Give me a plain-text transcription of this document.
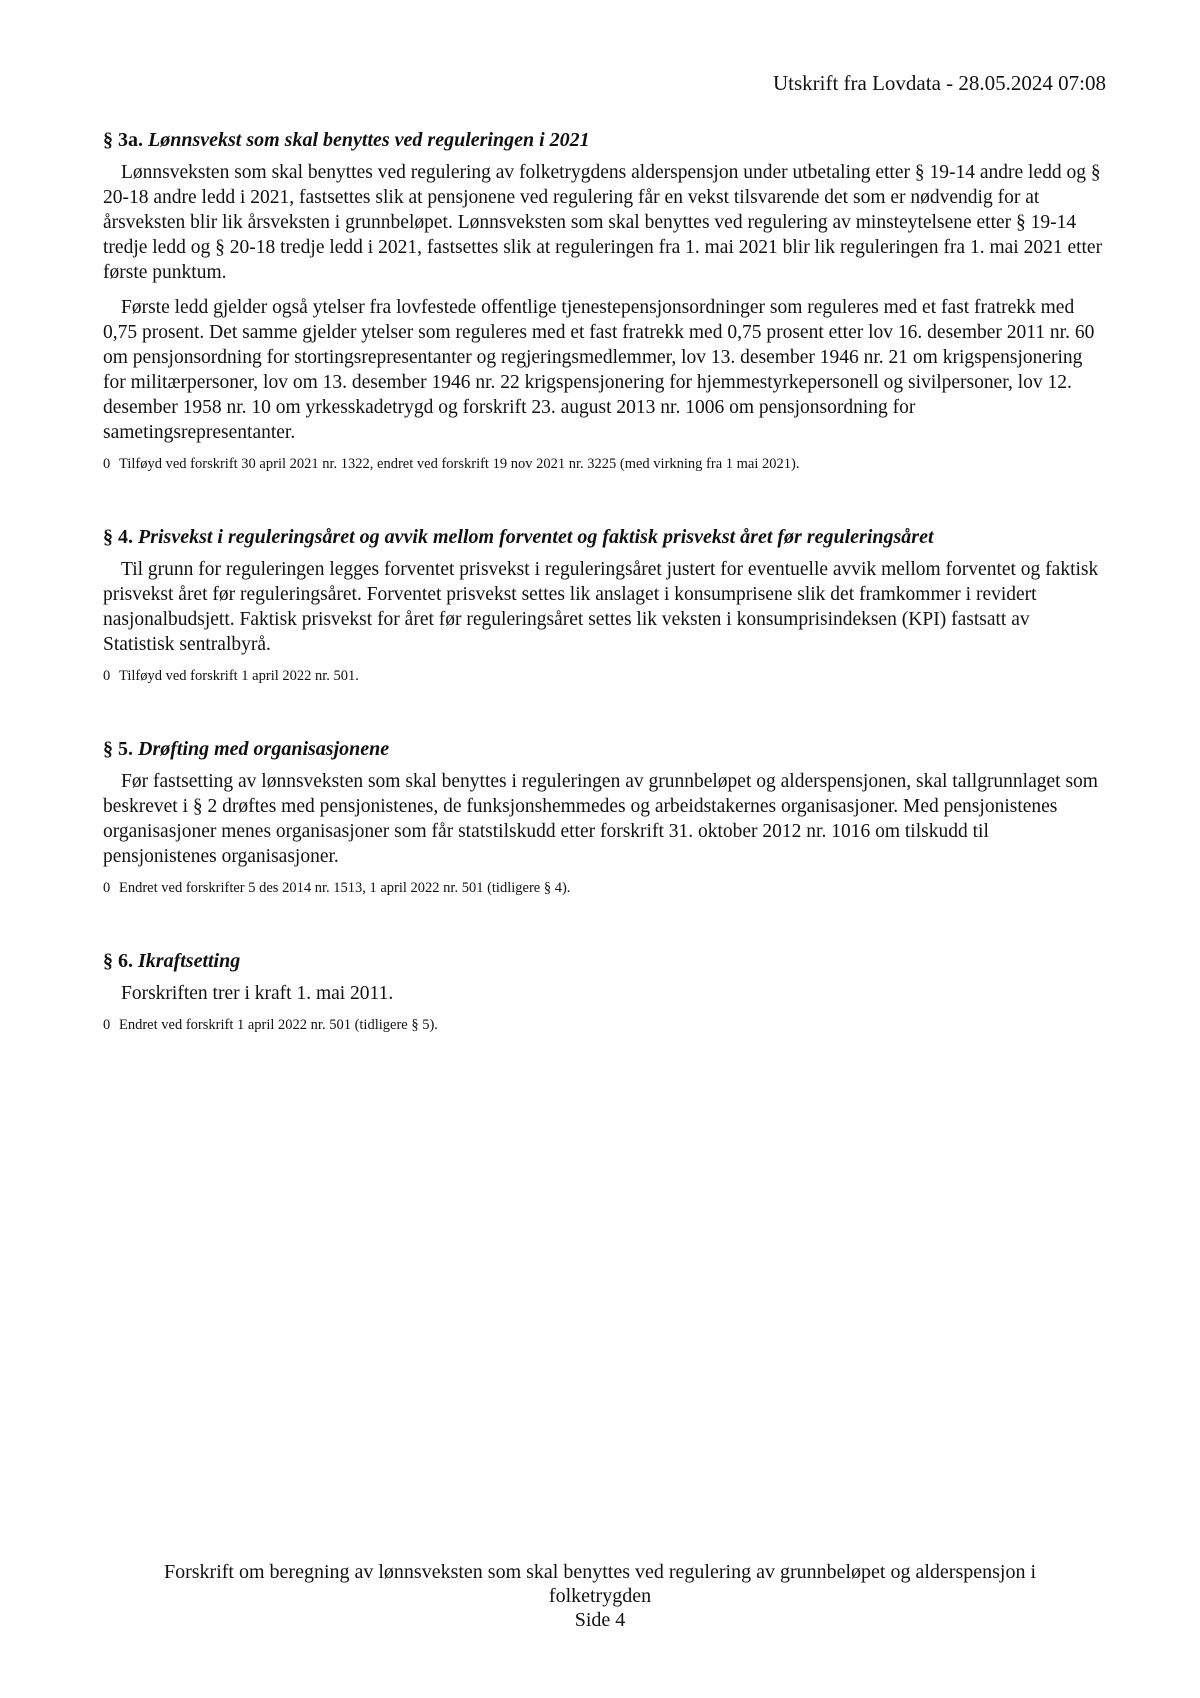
Utskrift fra Lovdata - 28.05.2024 07:08
§ 3a. Lønnsvekst som skal benyttes ved reguleringen i 2021

Lønnsveksten som skal benyttes ved regulering av folketrygdens alderspensjon under utbetaling etter § 19-14 andre ledd og § 20-18 andre ledd i 2021, fastsettes slik at pensjonene ved regulering får en vekst tilsvarende det som er nødvendig for at årsveksten blir lik årsveksten i grunnbeløpet. Lønnsveksten som skal benyttes ved regulering av minsteytelsene etter § 19-14 tredje ledd og § 20-18 tredje ledd i 2021, fastsettes slik at reguleringen fra 1. mai 2021 blir lik reguleringen fra 1. mai 2021 etter første punktum.

Første ledd gjelder også ytelser fra lovfestede offentlige tjenestepensjonsordninger som reguleres med et fast fratrekk med 0,75 prosent. Det samme gjelder ytelser som reguleres med et fast fratrekk med 0,75 prosent etter lov 16. desember 2011 nr. 60 om pensjonsordning for stortingsrepresentanter og regjeringsmedlemmer, lov 13. desember 1946 nr. 21 om krigspensjonering for militærpersoner, lov om 13. desember 1946 nr. 22 krigspensjonering for hjemmestyrkepersonell og sivilpersoner, lov 12. desember 1958 nr. 10 om yrkesskadetrygd og forskrift 23. august 2013 nr. 1006 om pensjonsordning for sametingsrepresentanter.

0 Tilføyd ved forskrift 30 april 2021 nr. 1322, endret ved forskrift 19 nov 2021 nr. 3225 (med virkning fra 1 mai 2021).
§ 4. Prisvekst i reguleringsåret og avvik mellom forventet og faktisk prisvekst året før reguleringsåret

Til grunn for reguleringen legges forventet prisvekst i reguleringsåret justert for eventuelle avvik mellom forventet og faktisk prisvekst året før reguleringsåret. Forventet prisvekst settes lik anslaget i konsumprisene slik det framkommer i revidert nasjonalbudsjett. Faktisk prisvekst for året før reguleringsåret settes lik veksten i konsumprisindeksen (KPI) fastsatt av Statistisk sentralbyrå.

0 Tilføyd ved forskrift 1 april 2022 nr. 501.
§ 5. Drøfting med organisasjonene

Før fastsetting av lønnsveksten som skal benyttes i reguleringen av grunnbeløpet og alderspensjonen, skal tallgrunnlaget som beskrevet i § 2 drøftes med pensjonistenes, de funksjonshemmedes og arbeidstakernes organisasjoner. Med pensjonistenes organisasjoner menes organisasjoner som får statstilskudd etter forskrift 31. oktober 2012 nr. 1016 om tilskudd til pensjonistenes organisasjoner.

0 Endret ved forskrifter 5 des 2014 nr. 1513, 1 april 2022 nr. 501 (tidligere § 4).
§ 6. Ikraftsetting

Forskriften trer i kraft 1. mai 2011.

0 Endret ved forskrift 1 april 2022 nr. 501 (tidligere § 5).
Forskrift om beregning av lønnsveksten som skal benyttes ved regulering av grunnbeløpet og alderspensjon i
folketrygden
Side 4
